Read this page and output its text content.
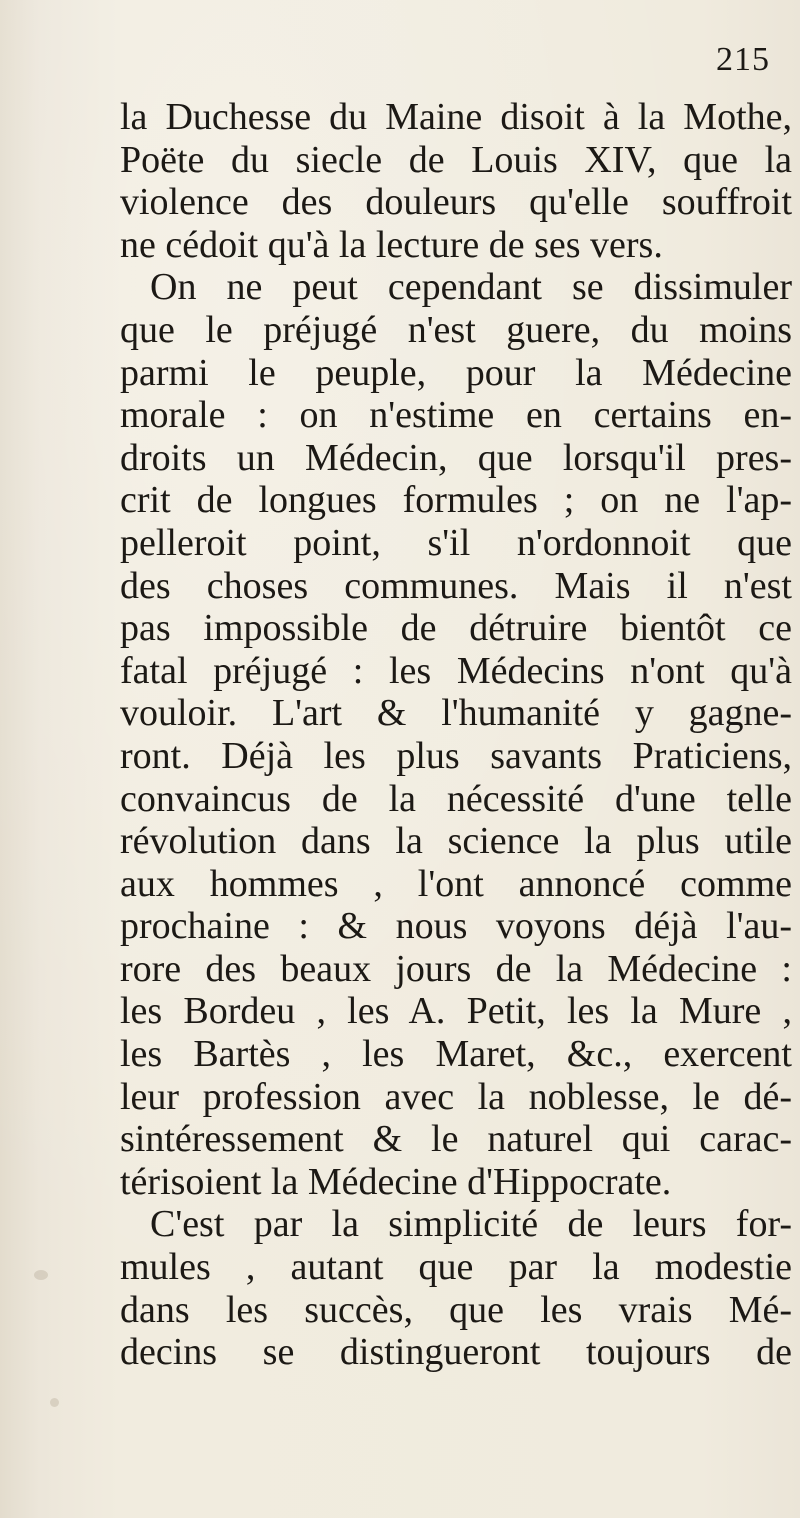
215
la Duchesse du Maine disoit à la Mothe,
Poëte du siecle de Louis XIV, que la
violence des douleurs qu'elle souffroit
ne cédoit qu'à la lecture de ses vers.
On ne peut cependant se dissimuler
que le préjugé n'est guere, du moins
parmi le peuple, pour la Médecine
morale : on n'estime en certains en-
droits un Médecin, que lorsqu'il pres-
crit de longues formules ; on ne l'ap-
pelleroit point, s'il n'ordonnoit que
des choses communes. Mais il n'est
pas impossible de détruire bientôt ce
fatal préjugé : les Médecins n'ont qu'à
vouloir. L'art & l'humanité y gagne-
ront. Déjà les plus savants Praticiens,
convaincus de la nécessité d'une telle
révolution dans la science la plus utile
aux hommes , l'ont annoncé comme
prochaine : & nous voyons déjà l'au-
rore des beaux jours de la Médecine :
les Bordeu , les A. Petit, les la Mure ,
les Bartès , les Maret, &c., exercent
leur profession avec la noblesse, le dé-
sintéressement & le naturel qui carac-
térisoient la Médecine d'Hippocrate.
C'est par la simplicité de leurs for-
mules , autant que par la modestie
dans les succès, que les vrais Mé-
decins se distingueront toujours de
